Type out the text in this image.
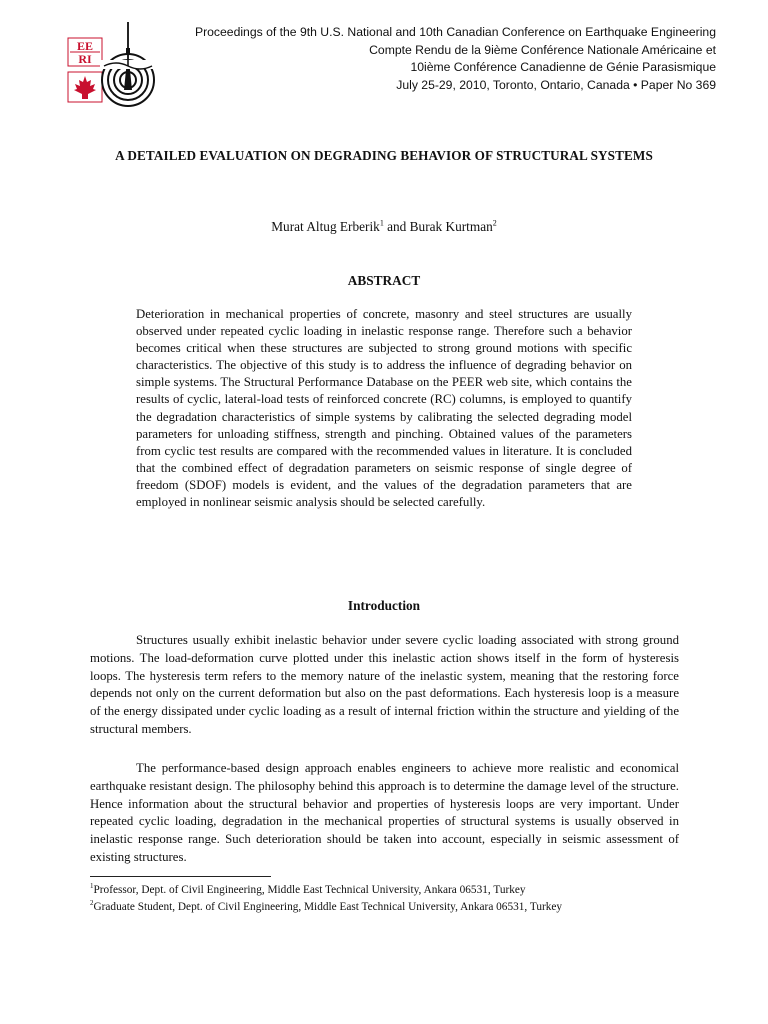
EE
RI
Proceedings of the 9th U.S. National and 10th Canadian Conference on Earthquake Engineering
Compte Rendu de la 9ième Conférence Nationale Américaine et
10ième Conférence Canadienne de Génie Parasismique
July 25-29, 2010, Toronto, Ontario, Canada • Paper No 369
A DETAILED EVALUATION ON DEGRADING BEHAVIOR OF STRUCTURAL SYSTEMS
Murat Altug Erberik$^1$ and Burak Kurtman$^2$
ABSTRACT
Deterioration in mechanical properties of concrete, masonry and steel structures are usually observed under repeated cyclic loading in inelastic response range. Therefore such a behavior becomes critical when these structures are subjected to strong ground motions with specific characteristics. The objective of this study is to address the influence of degrading behavior on simple systems. The Structural Performance Database on the PEER web site, which contains the results of cyclic, lateral-load tests of reinforced concrete (RC) columns, is employed to quantify the degradation characteristics of simple systems by calibrating the selected degrading model parameters for unloading stiffness, strength and pinching. Obtained values of the parameters from cyclic test results are compared with the recommended values in literature. It is concluded that the combined effect of degradation parameters on seismic response of single degree of freedom (SDOF) models is evident, and the values of the degradation parameters that are employed in nonlinear seismic analysis should be selected carefully.
Introduction
Structures usually exhibit inelastic behavior under severe cyclic loading associated with strong ground motions. The load-deformation curve plotted under this inelastic action shows itself in the form of hysteresis loops. The hysteresis term refers to the memory nature of the inelastic system, meaning that the restoring force depends not only on the current deformation but also on the past deformations. Each hysteresis loop is a measure of the energy dissipated under cyclic loading as a result of internal friction within the structure and yielding of the structural members.
The performance-based design approach enables engineers to achieve more realistic and economical earthquake resistant design. The philosophy behind this approach is to determine the damage level of the structure. Hence information about the structural behavior and properties of hysteresis loops are very important. Under repeated cyclic loading, degradation in the mechanical properties of structural systems is usually observed in inelastic response range. Such deterioration should be taken into account, especially in seismic assessment of existing structures.
$^1$Professor, Dept. of Civil Engineering, Middle East Technical University, Ankara 06531, Turkey
$^2$Graduate Student, Dept. of Civil Engineering, Middle East Technical University, Ankara 06531, Turkey
